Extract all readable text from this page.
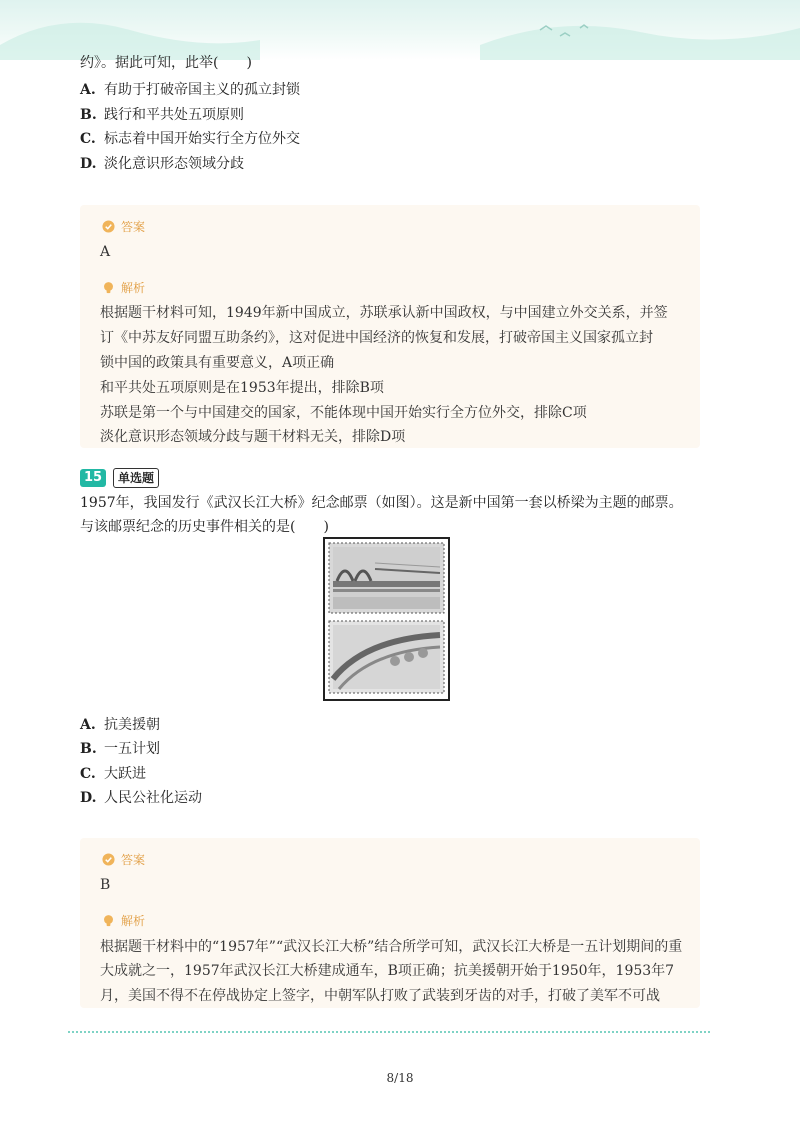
约》。据此可知，此举(　　)
A. 有助于打破帝国主义的孤立封锁
B. 践行和平共处五项原则
C. 标志着中国开始实行全方位外交
D. 淡化意识形态领域分歧
答案
A
解析
根据题干材料可知，1949年新中国成立，苏联承认新中国政权，与中国建立外交关系，并签
订《中苏友好同盟互助条约》，这对促进中国经济的恢复和发展，打破帝国主义国家孤立封
锁中国的政策具有重要意义，A项正确
和平共处五项原则是在1953年提出，排除B项
苏联是第一个与中国建交的国家，不能体现中国开始实行全方位外交，排除C项
淡化意识形态领域分歧与题干材料无关，排除D项
15	单选题
1957年，我国发行《武汉长江大桥》纪念邮票（如图）。这是新中国第一套以桥梁为主题的邮票。
与该邮票纪念的历史事件相关的是(　　)
A. 抗美援朝
B. 一五计划
C. 大跃进
D. 人民公社化运动
答案
B
解析
根据题干材料中的“1957年”“武汉长江大桥”结合所学可知，武汉长江大桥是一五计划期间的重
大成就之一，1957年武汉长江大桥建成通车，B项正确；抗美援朝开始于1950年，1953年7
月，美国不得不在停战协定上签字，中朝军队打败了武装到牙齿的对手，打破了美军不可战
8/18
